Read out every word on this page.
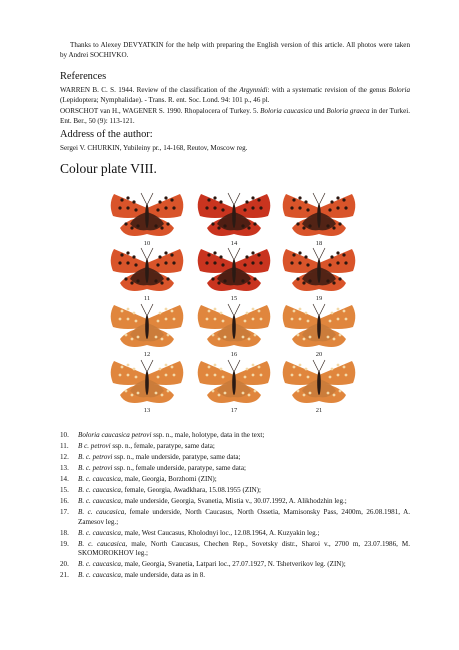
Thanks to Alexey DEVYATKIN for the help with preparing the English version of this article. All photos were taken by Andrei SOCHIVKO.
References
WARREN B. C. S. 1944. Review of the classification of the Argynnidi: with a systematic revision of the genus Boloria (Lepidoptera; Nymphalidae). - Trans. R. ent. Soc. Lond. 94: 101 p., 46 pl.
OORSCHOT van H., WAGENER S. 1990. Rhopalocera of Turkey. 5. Boloria caucasica und Boloria graeca in der Turkei. Ent. Ber., 50 (9): 113-121.
Address of the author:
Sergei V. CHURKIN, Yubileiny pr., 14-168, Reutov, Moscow reg.
Colour plate VIII.
10	14	18
11	15	19
12	16	20
13	17	21
10. Boloria caucasica petrovi ssp. n., male, holotype, data in the text;
11. B c. petrovi ssp. n., female, paratype, same data;
12. B. c. petrovi ssp. n., male underside, paratype, same data;
13. B. c. petrovi ssp. n., female underside, paratype, same data;
14. B. c. caucasica, male, Georgia, Borzhomi (ZIN);
15. B. c. caucasica, female, Georgia, Awadkhara, 15.08.1955 (ZIN);
16. B. c. caucasica, male underside, Georgia, Svanetia, Mistia v., 30.07.1992, A. Alikhodzhin leg.;
17. B. c. caucasica, female underside, North Caucasus, North Ossetia, Mamisonsky Pass, 2400m, 26.08.1981, A. Zamesov leg.;
18. B. c. caucasica, male, West Caucasus, Kholodnyi loc., 12.08.1964, A. Kuzyakin leg.;
19. B. c. caucasica, male, North Caucasus, Chechen Rep., Sovetsky distr., Sharoi v., 2700 m, 23.07.1986, M. SKOMOROKHOV leg.;
20. B. c. caucasica, male, Georgia, Svanetia, Latpari loc., 27.07.1927, N. Tshetverikov leg. (ZIN);
21. B. c. caucasica, male underside, data as in 8.
